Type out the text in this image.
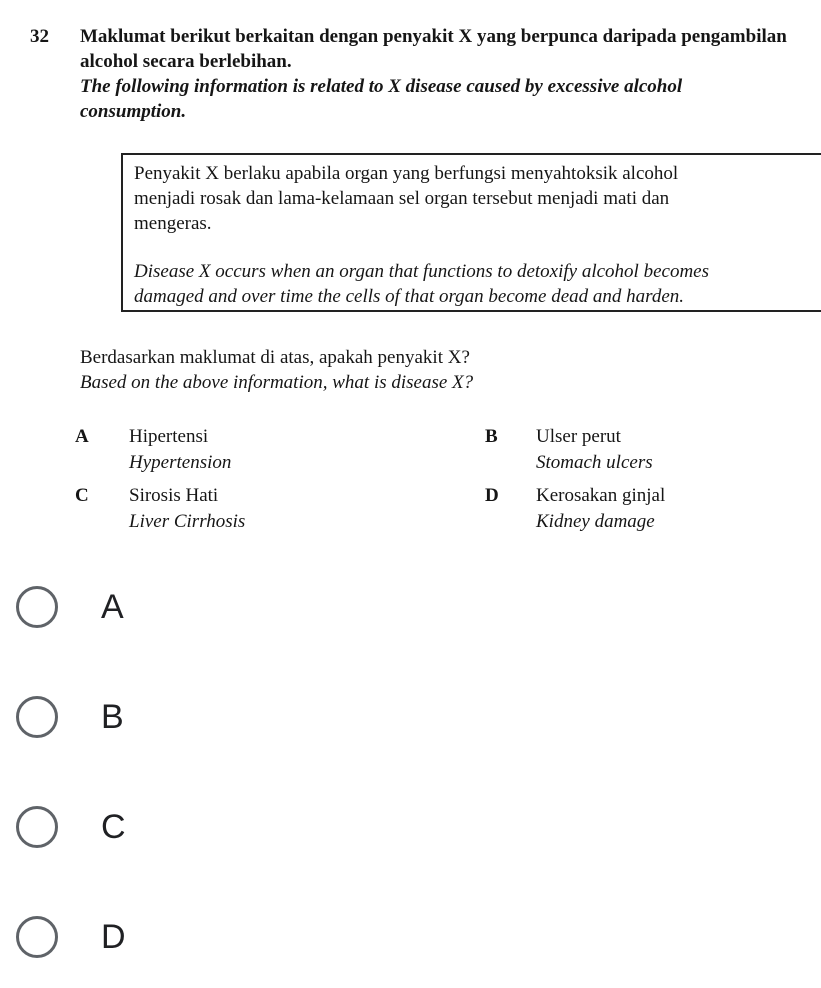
32 Maklumat berikut berkaitan dengan penyakit X yang berpunca daripada pengambilan

alcohol secara berlebihan.

The following information is related to X disease caused by excessive alcohol

consumption.

Penyakit X berlaku apabila organ yang berfungsi menyahtoksik alcohol

menjadi rosak dan lama-kelamaan sel organ tersebut menjadi mati dan

mengeras.

Disease X occurs when an organ that functions to detoxify alcohol becomes

damaged and over time the cells of that organ become dead and harden.

Berdasarkan maklumat di atas, apakah penyakit X?

Based on the above information, what is disease X?

A Hipertensi
Hypertension
B Ulser perut
Stomach ulcers
C Sirosis Hati
Liver Cirrhosis
D Kerosakan ginjal
Kidney damage
A
B
C
D
